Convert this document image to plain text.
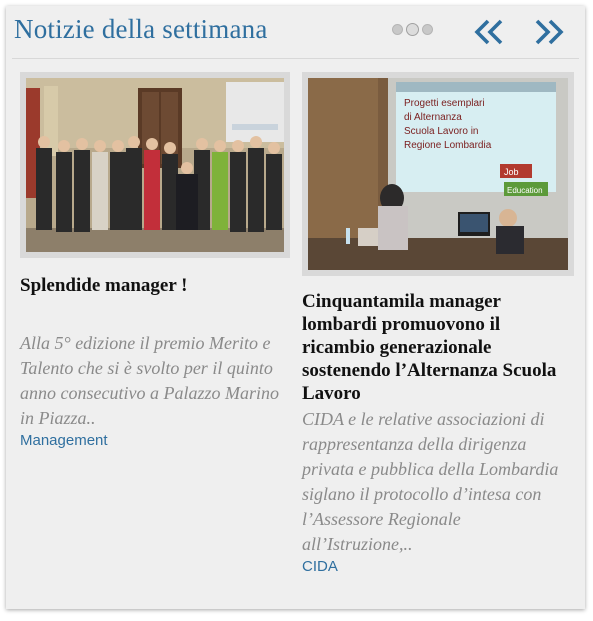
Notizie della settimana
Splendide manager !

Alla 5° edizione il premio Merito e Talento che si è svolto per il quinto anno consecutivo a Palazzo Marino in Piazza..

Management
Progetti esemplari
di Alternanza
Scuola Lavoro in
Regione Lombardia
Job
Education
Cinquantamila manager lombardi promuovono il ricambio generazionale sostenendo l’Alternanza Scuola Lavoro

CIDA e le relative associazioni di rappresentanza della dirigenza privata e pubblica della Lombardia siglano il protocollo d’intesa con l’Assessore Regionale all’Istruzione,..

CIDA
